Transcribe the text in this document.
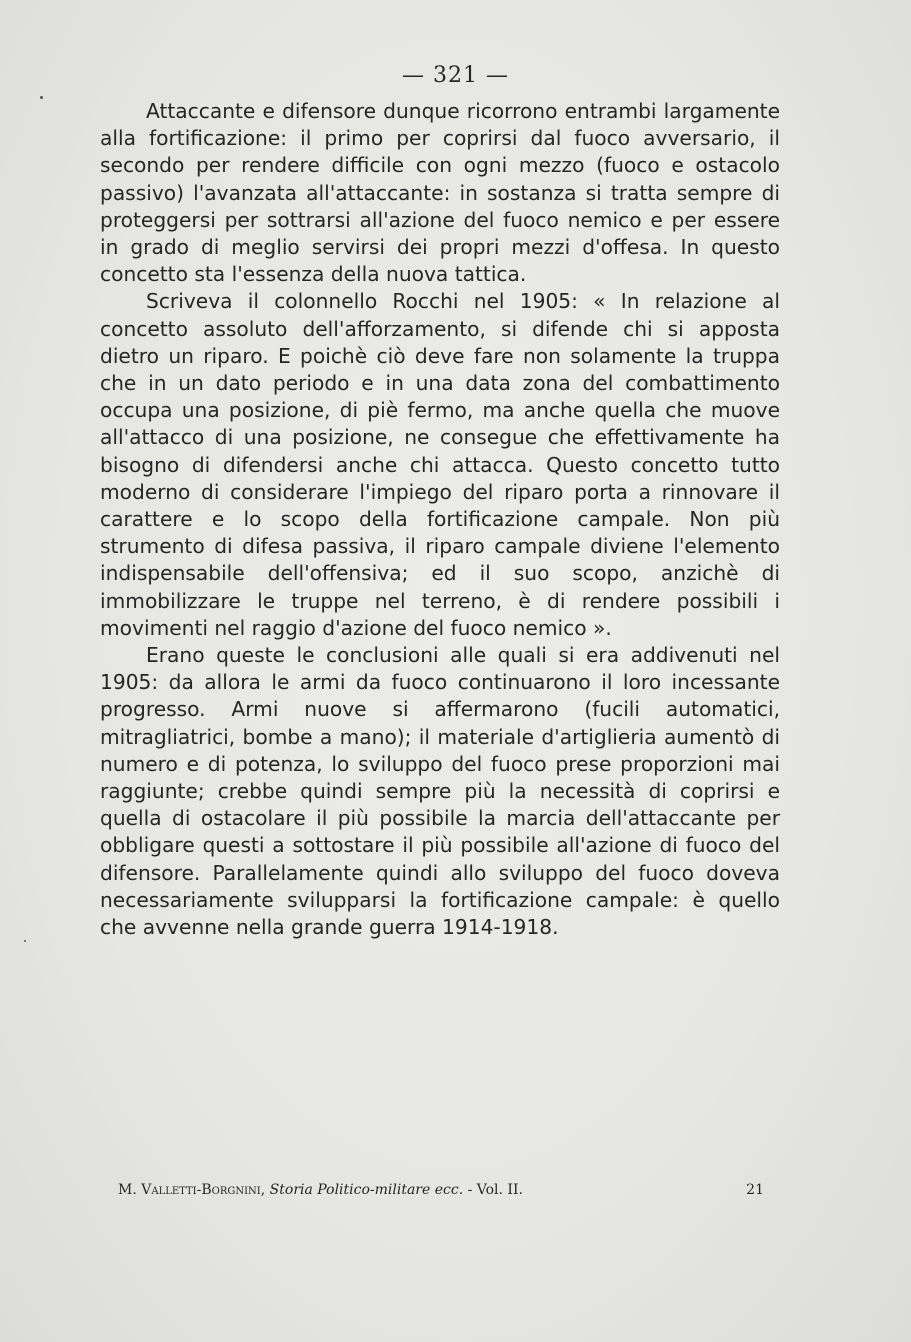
— 321 —

Attaccante e difensore dunque ricorrono entrambi largamente alla fortificazione: il primo per coprirsi dal fuoco avversario, il secondo per rendere difficile con ogni mezzo (fuoco e ostacolo passivo) l'avanzata all'attaccante: in sostanza si tratta sempre di proteggersi per sottrarsi all'azione del fuoco nemico e per essere in grado di meglio servirsi dei propri mezzi d'offesa. In questo concetto sta l'essenza della nuova tattica.

Scriveva il colonnello Rocchi nel 1905: « In relazione al concetto assoluto dell'afforzamento, si difende chi si apposta dietro un riparo. E poichè ciò deve fare non solamente la truppa che in un dato periodo e in una data zona del combattimento occupa una posizione, di piè fermo, ma anche quella che muove all'attacco di una posizione, ne consegue che effettivamente ha bisogno di difendersi anche chi attacca. Questo concetto tutto moderno di considerare l'impiego del riparo porta a rinnovare il carattere e lo scopo della fortificazione campale. Non più strumento di difesa passiva, il riparo campale diviene l'elemento indispensabile dell'offensiva; ed il suo scopo, anzichè di immobilizzare le truppe nel terreno, è di rendere possibili i movimenti nel raggio d'azione del fuoco nemico ».

Erano queste le conclusioni alle quali si era addivenuti nel 1905: da allora le armi da fuoco continuarono il loro incessante progresso. Armi nuove si affermarono (fucili automatici, mitragliatrici, bombe a mano); il materiale d'artiglieria aumentò di numero e di potenza, lo sviluppo del fuoco prese proporzioni mai raggiunte; crebbe quindi sempre più la necessità di coprirsi e quella di ostacolare il più possibile la marcia dell'attaccante per obbligare questi a sottostare il più possibile all'azione di fuoco del difensore. Parallelamente quindi allo sviluppo del fuoco doveva necessariamente svilupparsi la fortificazione campale: è quello che avvenne nella grande guerra 1914-1918.

M. Valletti-Borgnini, Storia Politico-militare ecc. - Vol. II.	21
